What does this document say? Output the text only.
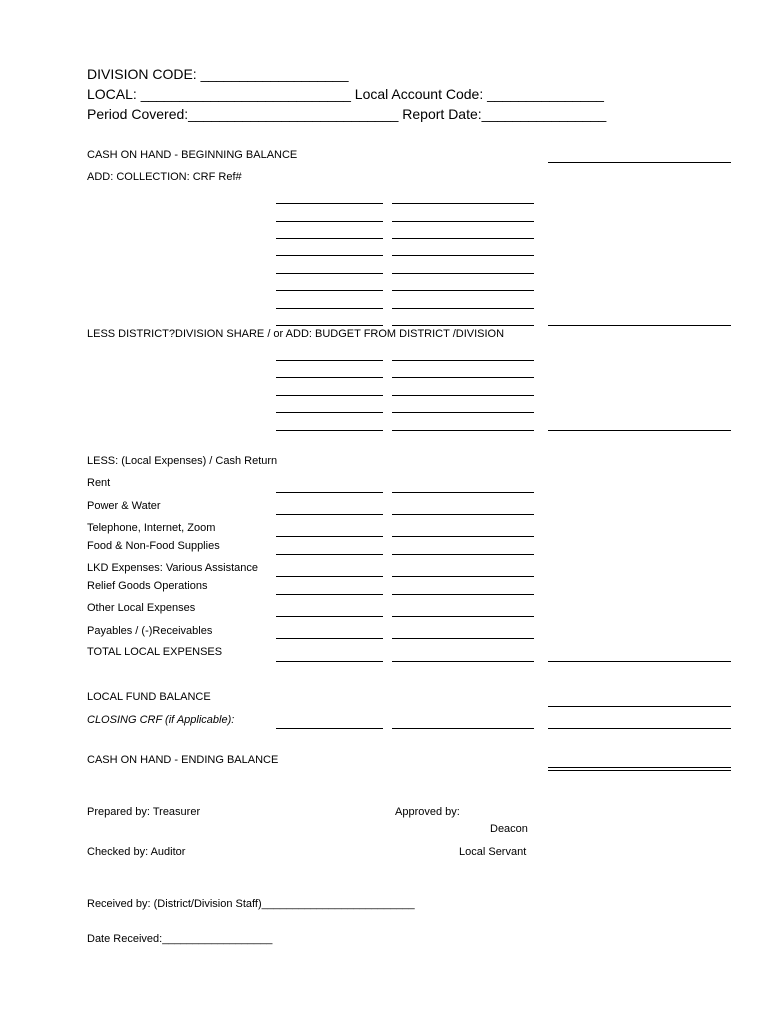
DIVISION CODE: ___________________
LOCAL: ___________________________ Local Account Code: _______________
Period Covered:___________________________ Report Date:________________
CASH ON HAND - BEGINNING BALANCE
ADD: COLLECTION: CRF Ref#
LESS DISTRICT?DIVISION SHARE / or ADD: BUDGET FROM DISTRICT /DIVISION
LESS: (Local Expenses) / Cash Return
Rent
Power & Water
Telephone, Internet, Zoom
Food & Non-Food Supplies
LKD Expenses: Various Assistance
Relief Goods Operations
Other Local Expenses
Payables / (-)Receivables
TOTAL LOCAL EXPENSES
LOCAL FUND BALANCE
CLOSING CRF (if Applicable):
CASH ON HAND - ENDING BALANCE
Prepared by: Treasurer	Approved by:
Deacon
Checked by: Auditor	Local Servant
Received by: (District/Division Staff)_________________________
Date Received:__________________
